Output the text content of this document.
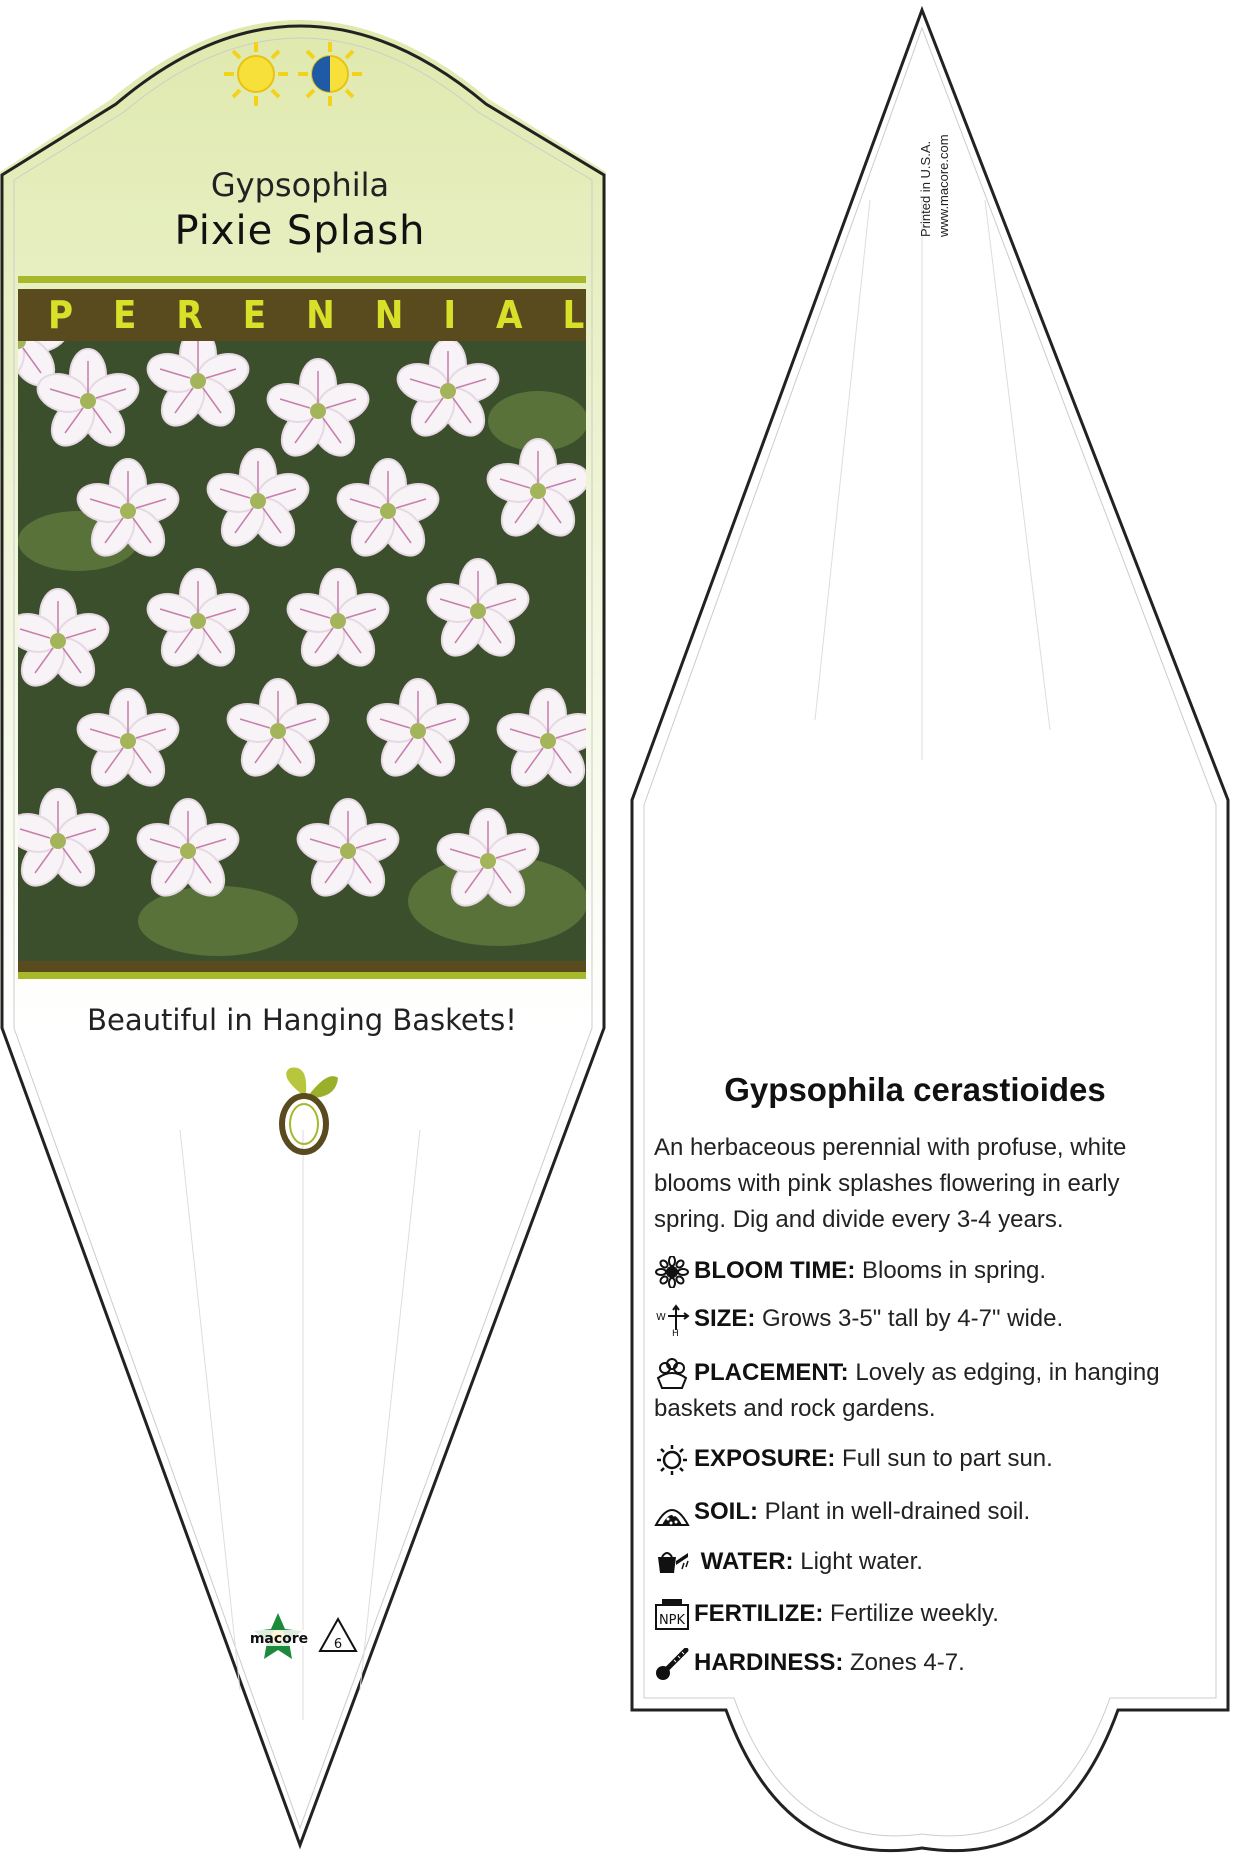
Gypsophila
Pixie Splash
PERENNIAL
Beautiful in Hanging Baskets!
macore 6
Printed in U.S.A. www.macore.com
Gypsophila cerastioides
An herbaceous perennial with profuse, white blooms with pink splashes flowering in early spring. Dig and divide every 3-4 years.
BLOOM TIME: Blooms in spring.
W
H
SIZE: Grows 3-5" tall by 4-7" wide.
PLACEMENT: Lovely as edging, in hanging baskets and rock gardens.
EXPOSURE: Full sun to part sun.
SOIL: Plant in well-drained soil.
WATER: Light water.
NPK FERTILIZE: Fertilize weekly.
HARDINESS: Zones 4-7.
